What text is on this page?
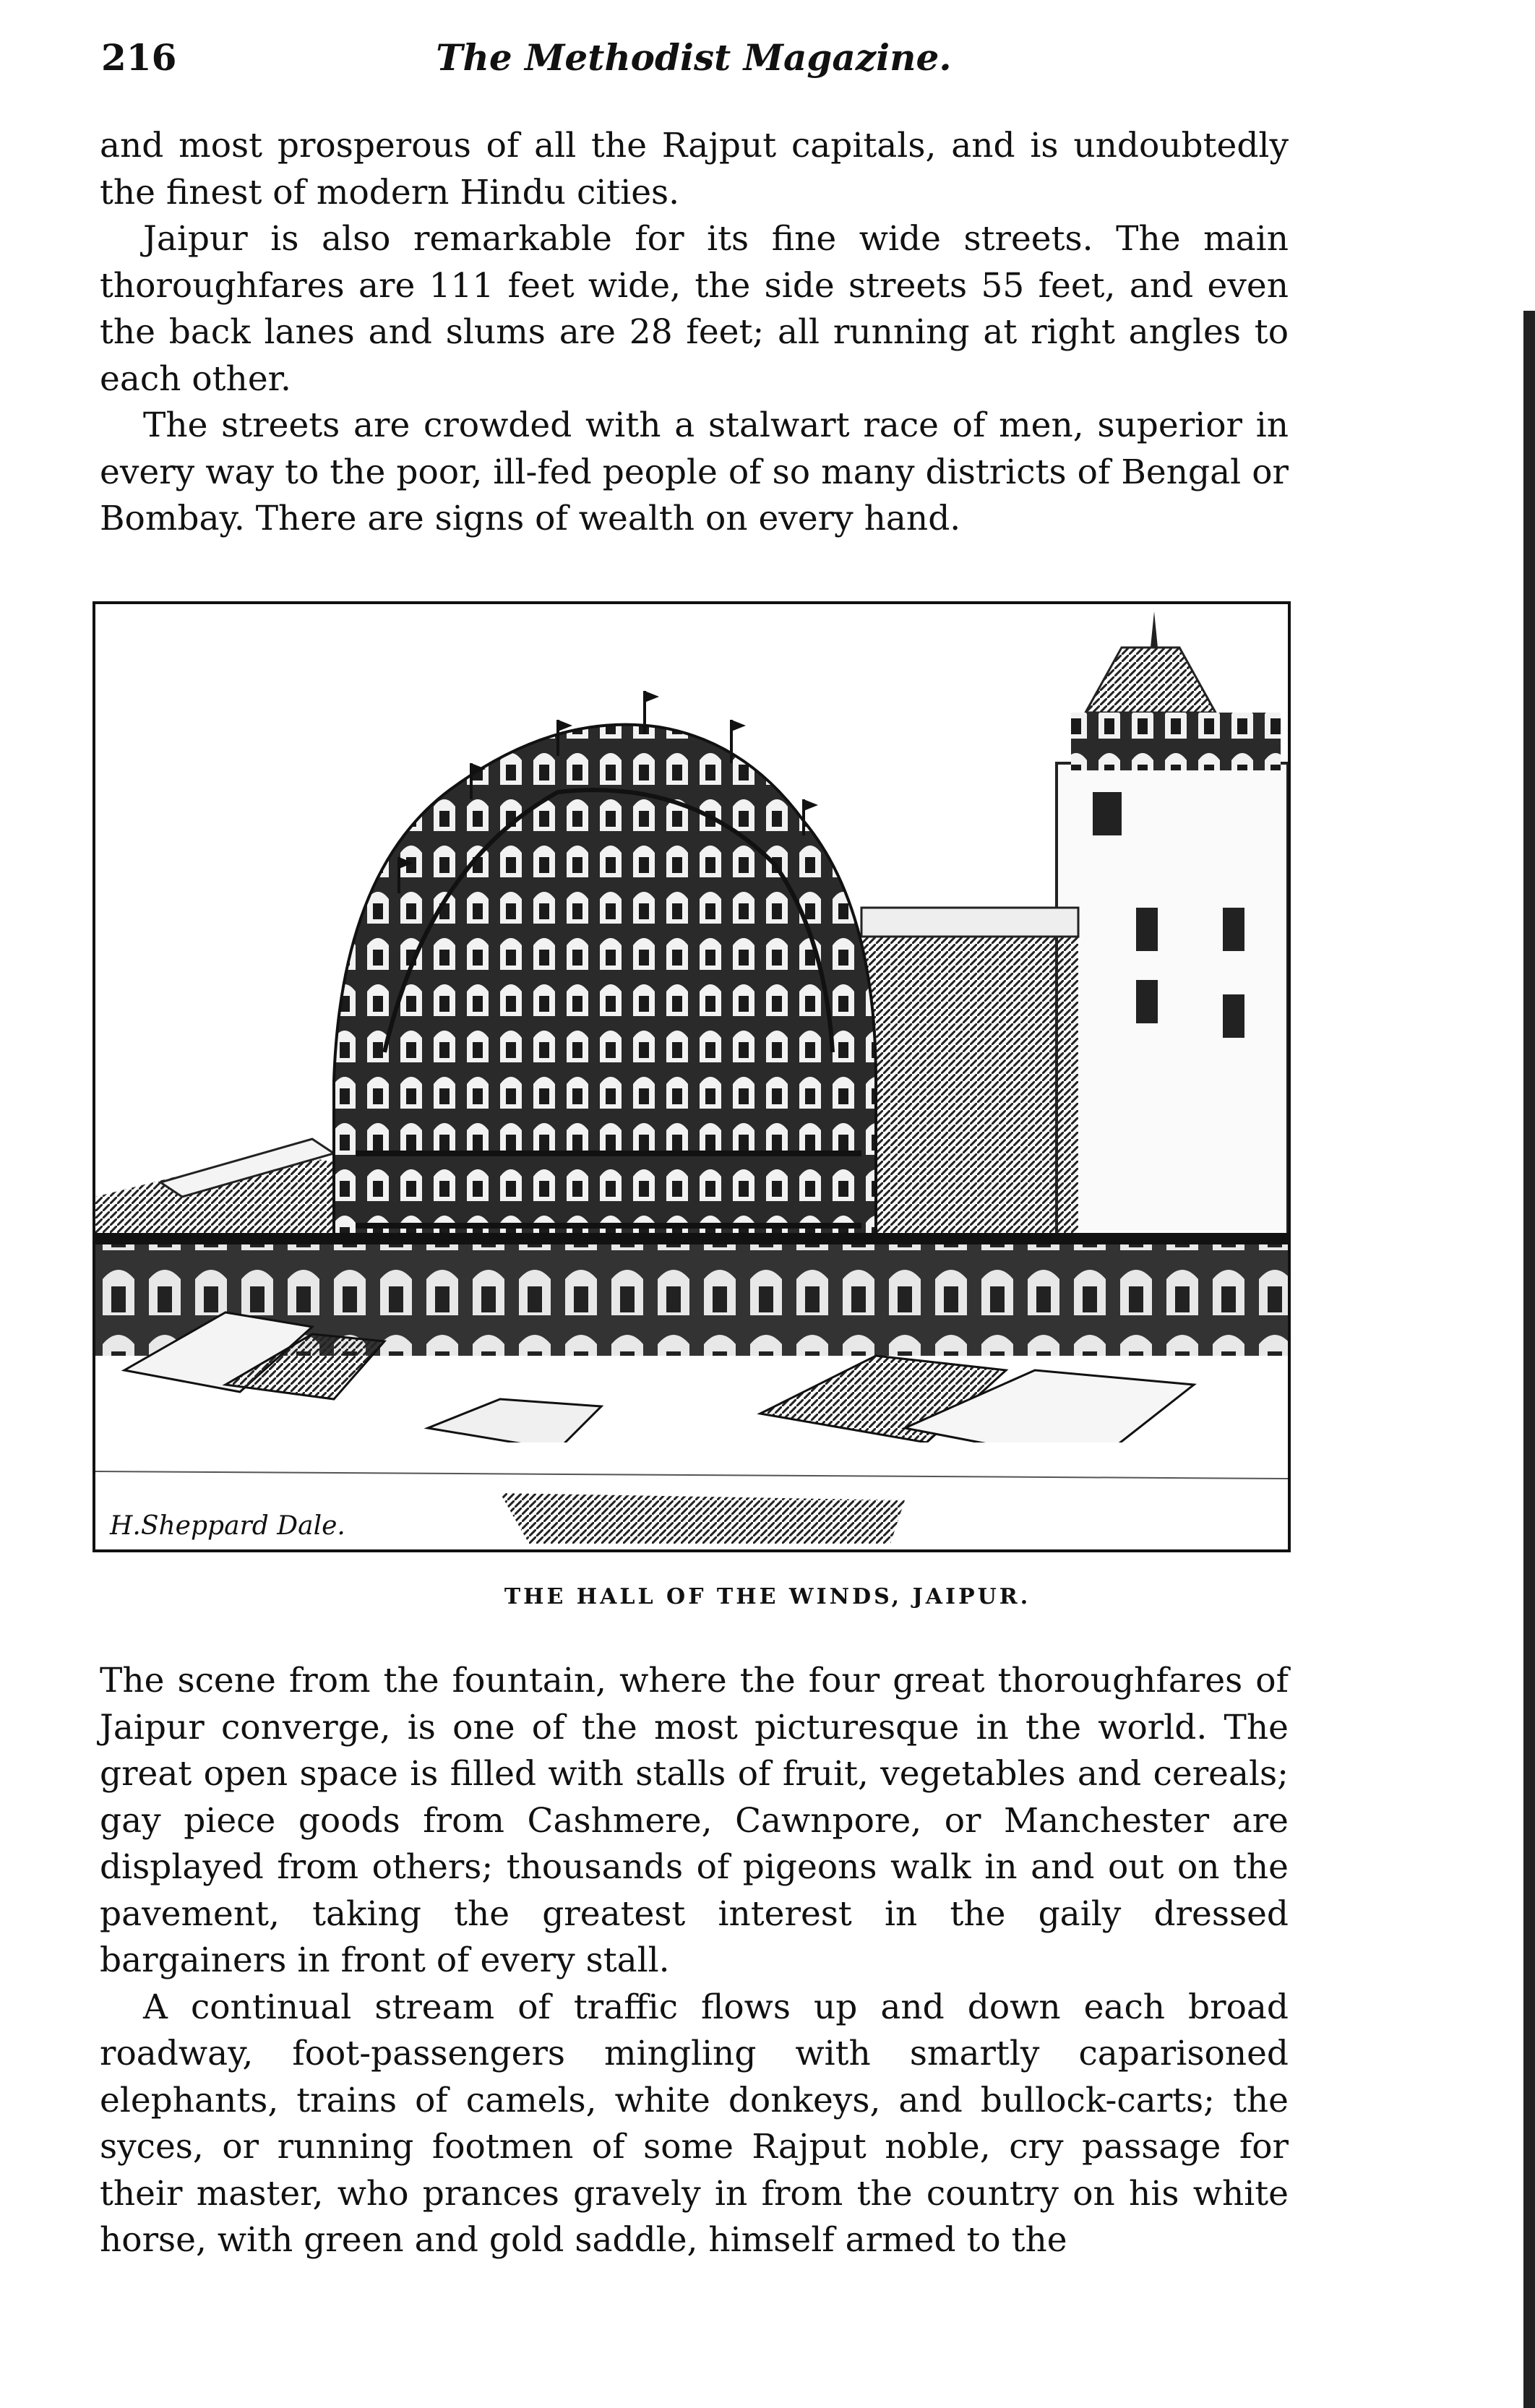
216	The Methodist Magazine.

and most prosperous of all the Rajput capitals, and is undoubtedly the finest of modern Hindu cities.

Jaipur is also remarkable for its fine wide streets. The main thoroughfares are 111 feet wide, the side streets 55 feet, and even the back lanes and slums are 28 feet; all running at right angles to each other.

The streets are crowded with a stalwart race of men, superior in every way to the poor, ill-fed people of so many districts of Bengal or Bombay. There are signs of wealth on every hand.

H.Sheppard Dale.
THE HALL OF THE WINDS, JAIPUR.

The scene from the fountain, where the four great thoroughfares of Jaipur converge, is one of the most picturesque in the world. The great open space is filled with stalls of fruit, vegetables and cereals; gay piece goods from Cashmere, Cawnpore, or Manchester are displayed from others; thousands of pigeons walk in and out on the pavement, taking the greatest interest in the gaily dressed bargainers in front of every stall.

A continual stream of traffic flows up and down each broad roadway, foot-passengers mingling with smartly caparisoned elephants, trains of camels, white donkeys, and bullock-carts; the syces, or running footmen of some Rajput noble, cry passage for their master, who prances gravely in from the country on his white horse, with green and gold saddle, himself armed to the
